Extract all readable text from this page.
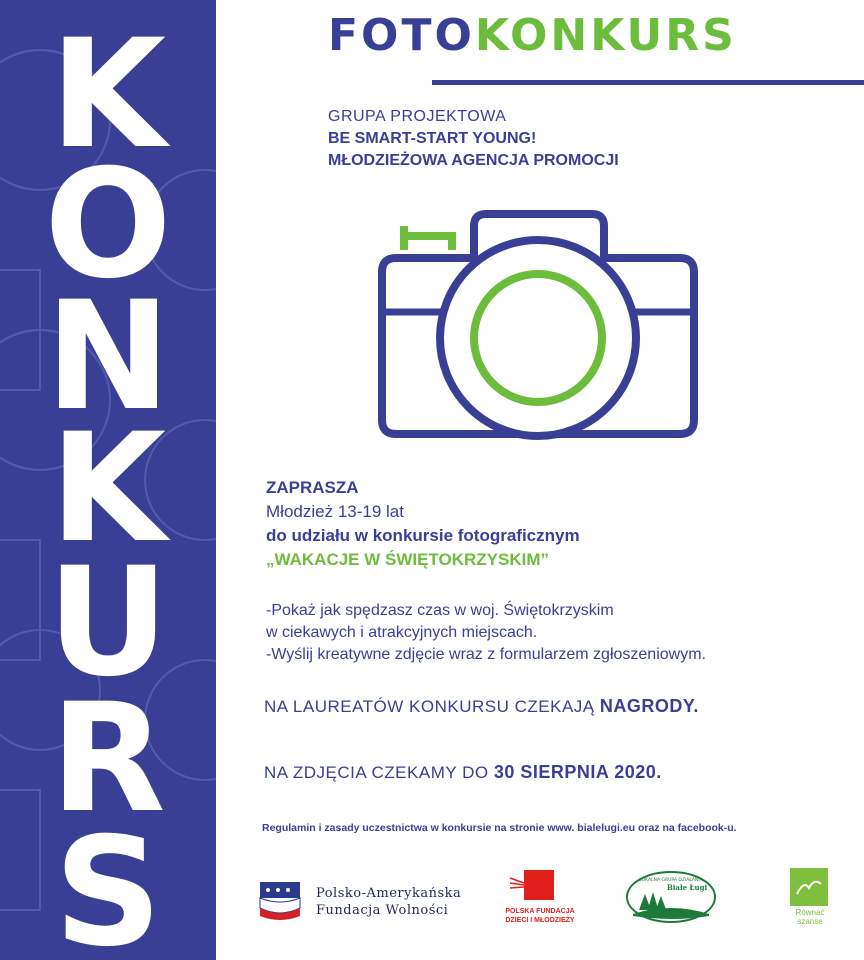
K
O
N
K
U
R
S
FOTOKONKURS
GRUPA PROJEKTOWA
BE SMART-START YOUNG!
MŁODZIEŻOWA AGENCJA PROMOCJI
ZAPRASZA
Młodzież 13-19 lat
do udziału w konkursie fotograficznym
„WAKACJE W ŚWIĘTOKRZYSKIM”
-Pokaż jak spędzasz czas w woj. Świętokrzyskim
w ciekawych i atrakcyjnych miejscach.
-Wyślij kreatywne zdjęcie wraz z formularzem zgłoszeniowym.
NA LAUREATÓW KONKURSU CZEKAJĄ NAGRODY.
NA ZDJĘCIA CZEKAMY DO 30 SIERPNIA 2020.
Regulamin i zasady uczestnictwa w konkursie na stronie www. bialelugi.eu oraz na facebook-u.
Polsko-Amerykańska
Fundacja Wolności	POLSKA FUNDACJA
DZIECI I MŁODZIEŻY
LOKALNA GRUPA DZIAŁANIA
Białe Ługi
Równać
szanse
